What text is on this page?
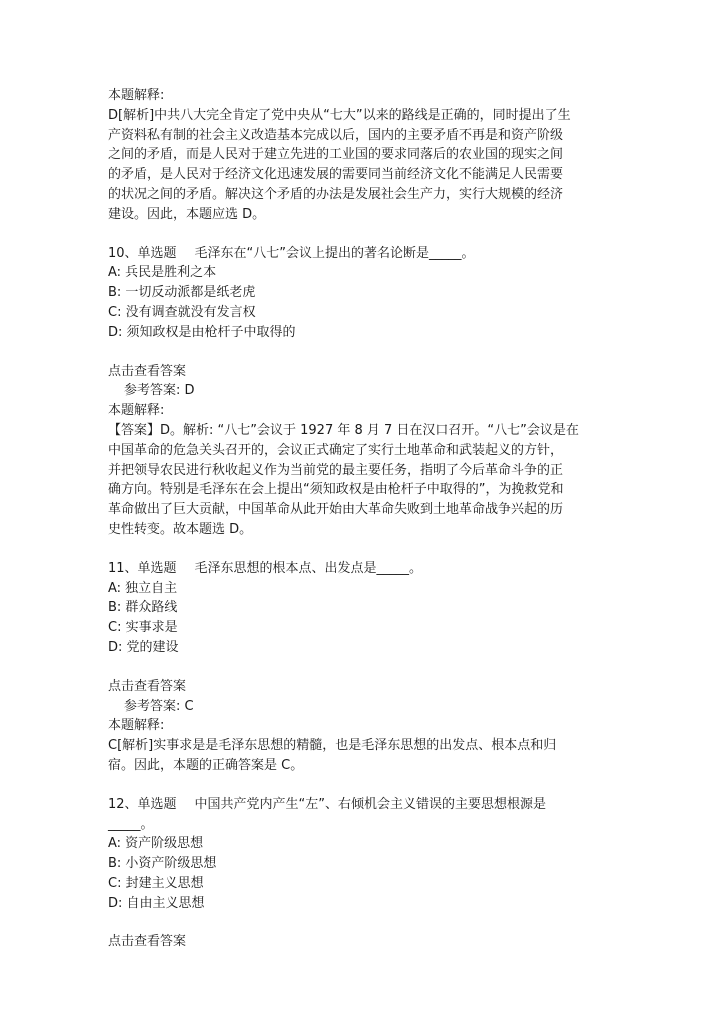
本题解释:
D[解析]中共八大完全肯定了党中央从“七大”以来的路线是正确的，同时提出了生
产资料私有制的社会主义改造基本完成以后，国内的主要矛盾不再是和资产阶级
之间的矛盾，而是人民对于建立先进的工业国的要求同落后的农业国的现实之间
的矛盾，是人民对于经济文化迅速发展的需要同当前经济文化不能满足人民需要
的状况之间的矛盾。解决这个矛盾的办法是发展社会生产力，实行大规模的经济
建设。因此，本题应选 D。
10、单选题 毛泽东在“八七”会议上提出的著名论断是_____。
A: 兵民是胜利之本
B: 一切反动派都是纸老虎
C: 没有调查就没有发言权
D: 须知政权是由枪杆子中取得的
点击查看答案
参考答案: D
本题解释:
【答案】D。解析: “八七”会议于 1927 年 8 月 7 日在汉口召开。“八七”会议是在
中国革命的危急关头召开的，会议正式确定了实行土地革命和武装起义的方针，
并把领导农民进行秋收起义作为当前党的最主要任务，指明了今后革命斗争的正
确方向。特别是毛泽东在会上提出“须知政权是由枪杆子中取得的”，为挽救党和
革命做出了巨大贡献，中国革命从此开始由大革命失败到土地革命战争兴起的历
史性转变。故本题选 D。
11、单选题 毛泽东思想的根本点、出发点是_____。
A: 独立自主
B: 群众路线
C: 实事求是
D: 党的建设
点击查看答案
参考答案: C
本题解释:
C[解析]实事求是是毛泽东思想的精髓，也是毛泽东思想的出发点、根本点和归
宿。因此，本题的正确答案是 C。
12、单选题 中国共产党内产生“左”、右倾机会主义错误的主要思想根源是
_____。
A: 资产阶级思想
B: 小资产阶级思想
C: 封建主义思想
D: 自由主义思想
点击查看答案
